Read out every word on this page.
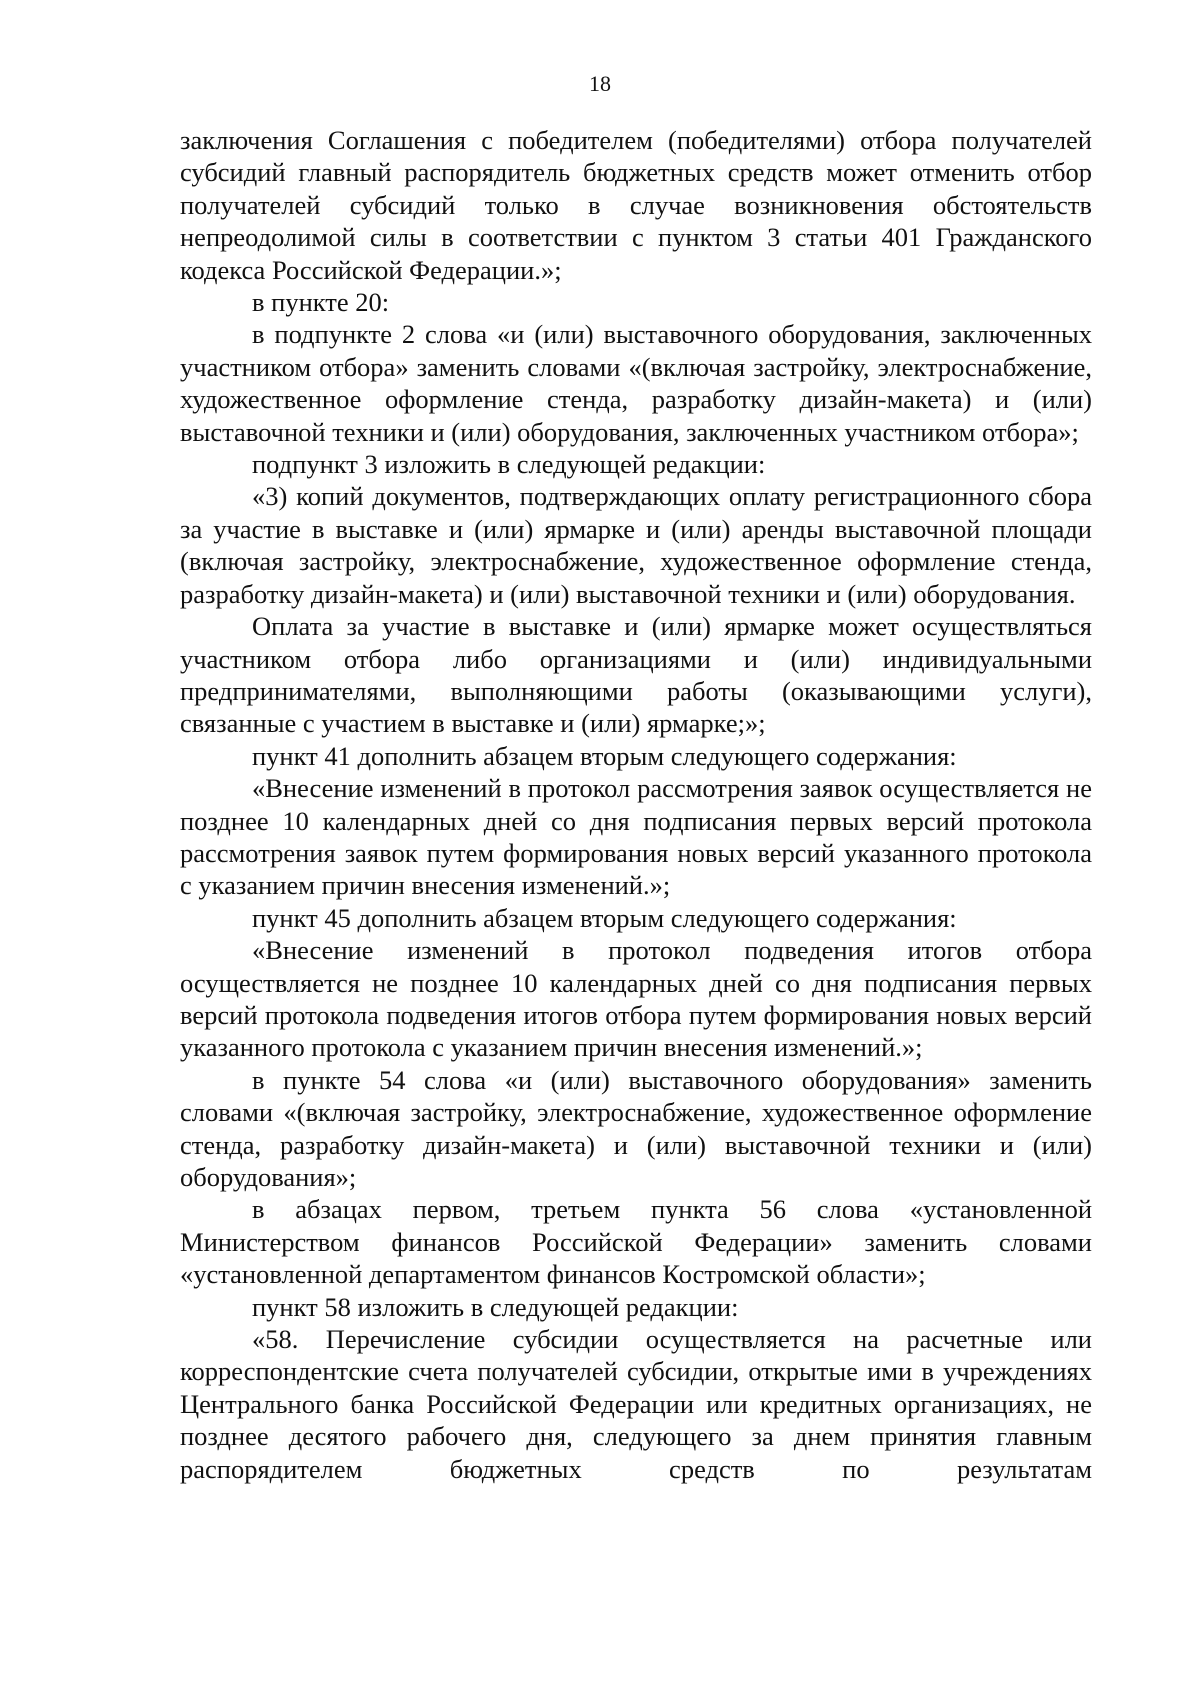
18

заключения Соглашения с победителем (победителями) отбора получателей субсидий главный распорядитель бюджетных средств может отменить отбор получателей субсидий только в случае возникновения обстоятельств непреодолимой силы в соответствии с пунктом 3 статьи 401 Гражданского кодекса Российской Федерации.»;

в пункте 20:

в подпункте 2 слова «и (или) выставочного оборудования, заключенных участником отбора» заменить словами «(включая застройку, электроснабжение, художественное оформление стенда, разработку дизайн-макета) и (или) выставочной техники и (или) оборудования, заключенных участником отбора»;

подпункт 3 изложить в следующей редакции:

«3) копий документов, подтверждающих оплату регистрационного сбора за участие в выставке и (или) ярмарке и (или) аренды выставочной площади (включая застройку, электроснабжение, художественное оформление стенда, разработку дизайн-макета) и (или) выставочной техники и (или) оборудования.

Оплата за участие в выставке и (или) ярмарке может осуществляться участником отбора либо организациями и (или) индивидуальными предпринимателями, выполняющими работы (оказывающими услуги), связанные с участием в выставке и (или) ярмарке;»;

пункт 41 дополнить абзацем вторым следующего содержания:

«Внесение изменений в протокол рассмотрения заявок осуществляется не позднее 10 календарных дней со дня подписания первых версий протокола рассмотрения заявок путем формирования новых версий указанного протокола с указанием причин внесения изменений.»;

пункт 45 дополнить абзацем вторым следующего содержания:

«Внесение изменений в протокол подведения итогов отбора осуществляется не позднее 10 календарных дней со дня подписания первых версий протокола подведения итогов отбора путем формирования новых версий указанного протокола с указанием причин внесения изменений.»;

в пункте 54 слова «и (или) выставочного оборудования» заменить словами «(включая застройку, электроснабжение, художественное оформление стенда, разработку дизайн-макета) и (или) выставочной техники и (или) оборудования»;

в абзацах первом, третьем пункта 56 слова «установленной Министерством финансов Российской Федерации» заменить словами «установленной департаментом финансов Костромской области»;

пункт 58 изложить в следующей редакции:

«58. Перечисление субсидии осуществляется на расчетные или корреспондентские счета получателей субсидии, открытые ими в учреждениях Центрального банка Российской Федерации или кредитных организациях, не позднее десятого рабочего дня, следующего за днем принятия главным распорядителем бюджетных средств по результатам
